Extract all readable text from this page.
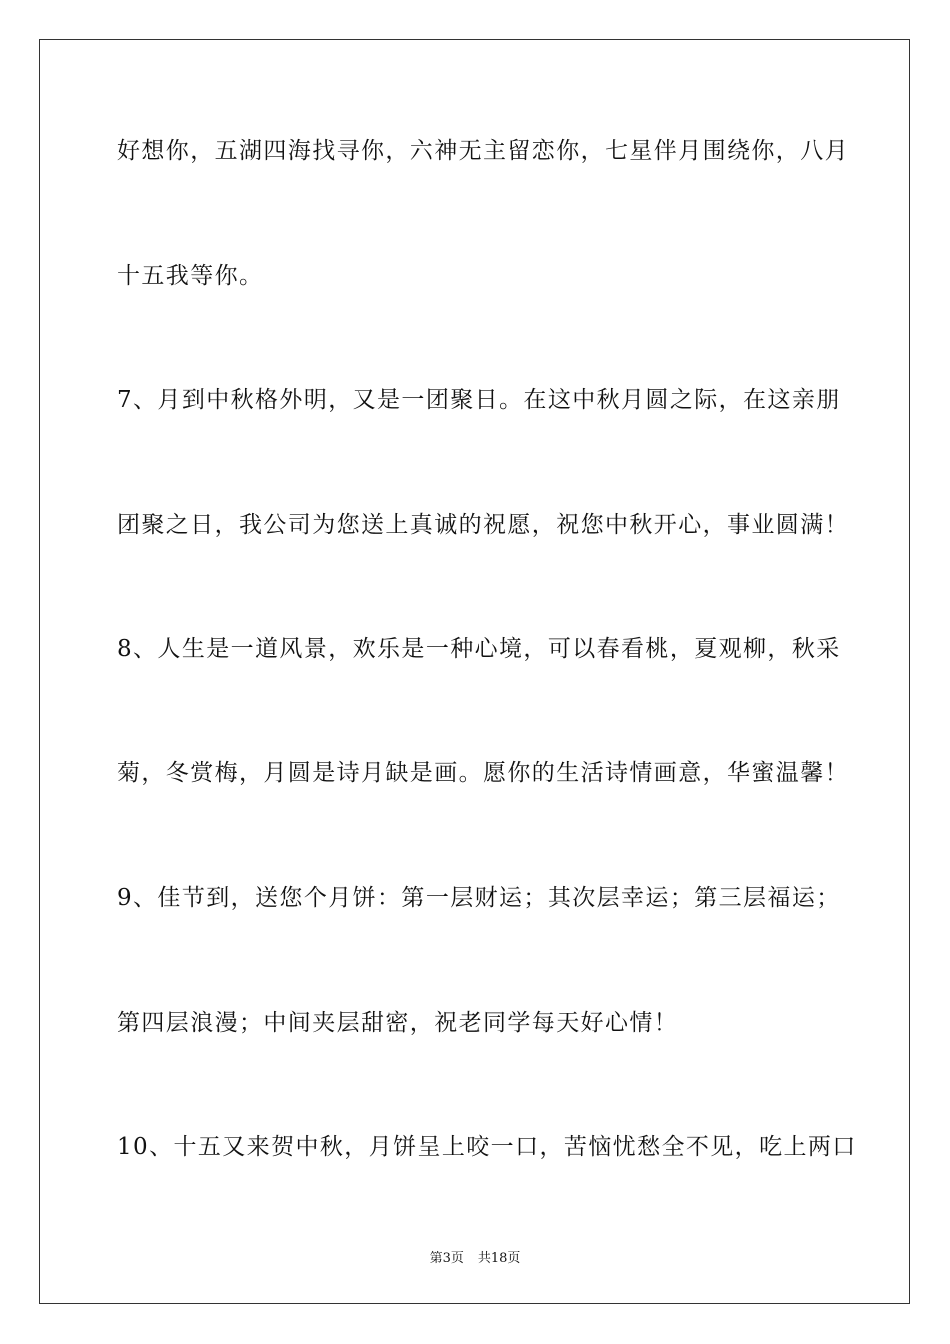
好想你，五湖四海找寻你，六神无主留恋你，七星伴月围绕你，八月
十五我等你。
7、月到中秋格外明，又是一团聚日。在这中秋月圆之际，在这亲朋
团聚之日，我公司为您送上真诚的祝愿，祝您中秋开心，事业圆满！
8、人生是一道风景，欢乐是一种心境，可以春看桃，夏观柳，秋采
菊，冬赏梅，月圆是诗月缺是画。愿你的生活诗情画意，华蜜温馨！
9、佳节到，送您个月饼：第一层财运；其次层幸运；第三层福运；
第四层浪漫；中间夹层甜密，祝老同学每天好心情！
10、十五又来贺中秋，月饼呈上咬一口，苦恼忧愁全不见，吃上两口
第3页 共18页
